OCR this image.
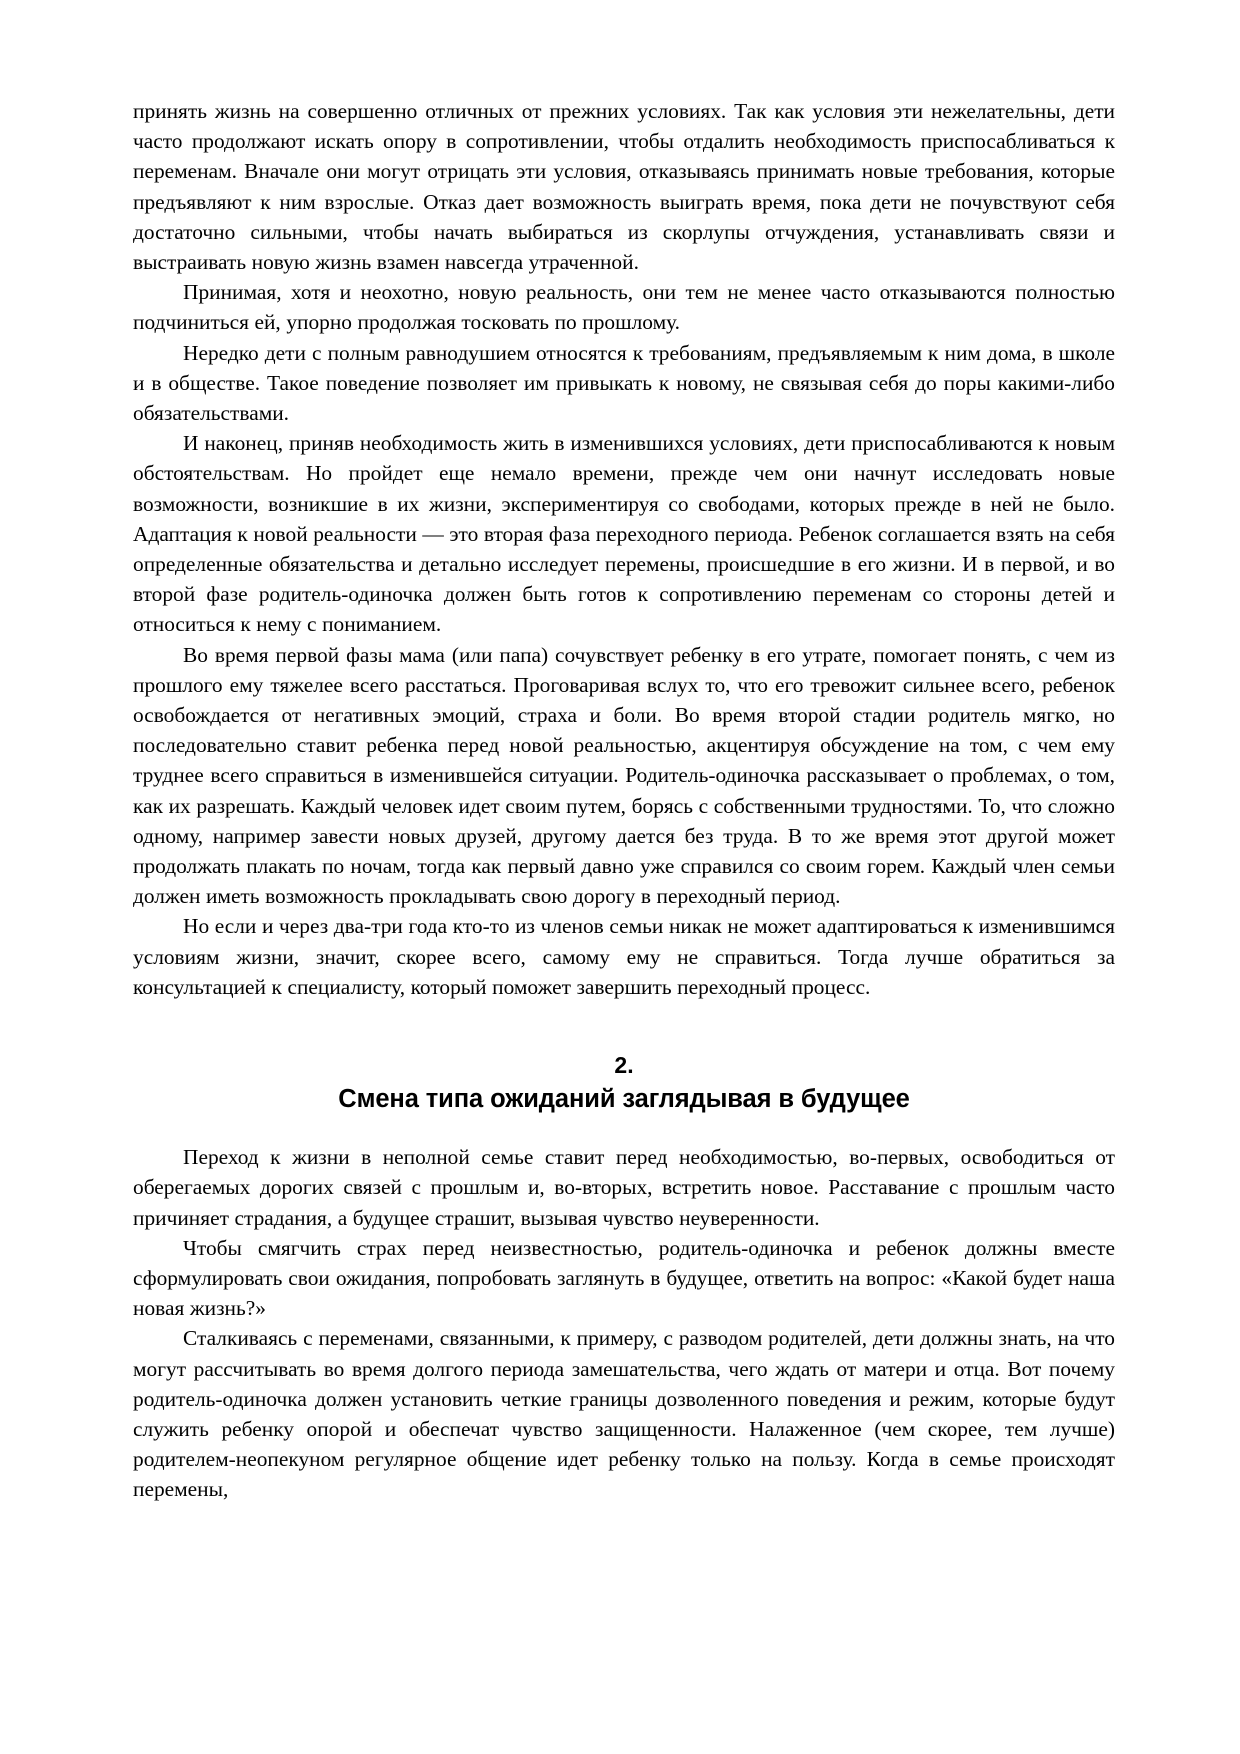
принять жизнь на совершенно отличных от прежних условиях. Так как условия эти нежелательны, дети часто продолжают искать опору в сопротивлении, чтобы отдалить необходимость приспосабливаться к переменам. Вначале они могут отрицать эти условия, отказываясь принимать новые требования, которые предъявляют к ним взрослые. Отказ дает возможность выиграть время, пока дети не почувствуют себя достаточно сильными, чтобы начать выбираться из скорлупы отчуждения, устанавливать связи и выстраивать новую жизнь взамен навсегда утраченной.

Принимая, хотя и неохотно, новую реальность, они тем не менее часто отказываются полностью подчиниться ей, упорно продолжая тосковать по прошлому.

Нередко дети с полным равнодушием относятся к требованиям, предъявляемым к ним дома, в школе и в обществе. Такое поведение позволяет им привыкать к новому, не связывая себя до поры какими-либо обязательствами.

И наконец, приняв необходимость жить в изменившихся условиях, дети приспосабливаются к новым обстоятельствам. Но пройдет еще немало времени, прежде чем они начнут исследовать новые возможности, возникшие в их жизни, экспериментируя со свободами, которых прежде в ней не было. Адаптация к новой реальности — это вторая фаза переходного периода. Ребенок соглашается взять на себя определенные обязательства и детально исследует перемены, происшедшие в его жизни. И в первой, и во второй фазе родитель-одиночка должен быть готов к сопротивлению переменам со стороны детей и относиться к нему с пониманием.

Во время первой фазы мама (или папа) сочувствует ребенку в его утрате, помогает понять, с чем из прошлого ему тяжелее всего расстаться. Проговаривая вслух то, что его тревожит сильнее всего, ребенок освобождается от негативных эмоций, страха и боли. Во время второй стадии родитель мягко, но последовательно ставит ребенка перед новой реальностью, акцентируя обсуждение на том, с чем ему труднее всего справиться в изменившейся ситуации. Родитель-одиночка рассказывает о проблемах, о том, как их разрешать. Каждый человек идет своим путем, борясь с собственными трудностями. То, что сложно одному, например завести новых друзей, другому дается без труда. В то же время этот другой может продолжать плакать по ночам, тогда как первый давно уже справился со своим горем. Каждый член семьи должен иметь возможность прокладывать свою дорогу в переходный период.

Но если и через два-три года кто-то из членов семьи никак не может адаптироваться к изменившимся условиям жизни, значит, скорее всего, самому ему не справиться. Тогда лучше обратиться за консультацией к специалисту, который поможет завершить переходный процесс.

2.
Смена типа ожиданий заглядывая в будущее

Переход к жизни в неполной семье ставит перед необходимостью, во-первых, освободиться от оберегаемых дорогих связей с прошлым и, во-вторых, встретить новое. Расставание с прошлым часто причиняет страдания, а будущее страшит, вызывая чувство неуверенности.

Чтобы смягчить страх перед неизвестностью, родитель-одиночка и ребенок должны вместе сформулировать свои ожидания, попробовать заглянуть в будущее, ответить на вопрос: «Какой будет наша новая жизнь?»

Сталкиваясь с переменами, связанными, к примеру, с разводом родителей, дети должны знать, на что могут рассчитывать во время долгого периода замешательства, чего ждать от матери и отца. Вот почему родитель-одиночка должен установить четкие границы дозволенного поведения и режим, которые будут служить ребенку опорой и обеспечат чувство защищенности. Налаженное (чем скорее, тем лучше) родителем-неопекуном регулярное общение идет ребенку только на пользу. Когда в семье происходят перемены,
